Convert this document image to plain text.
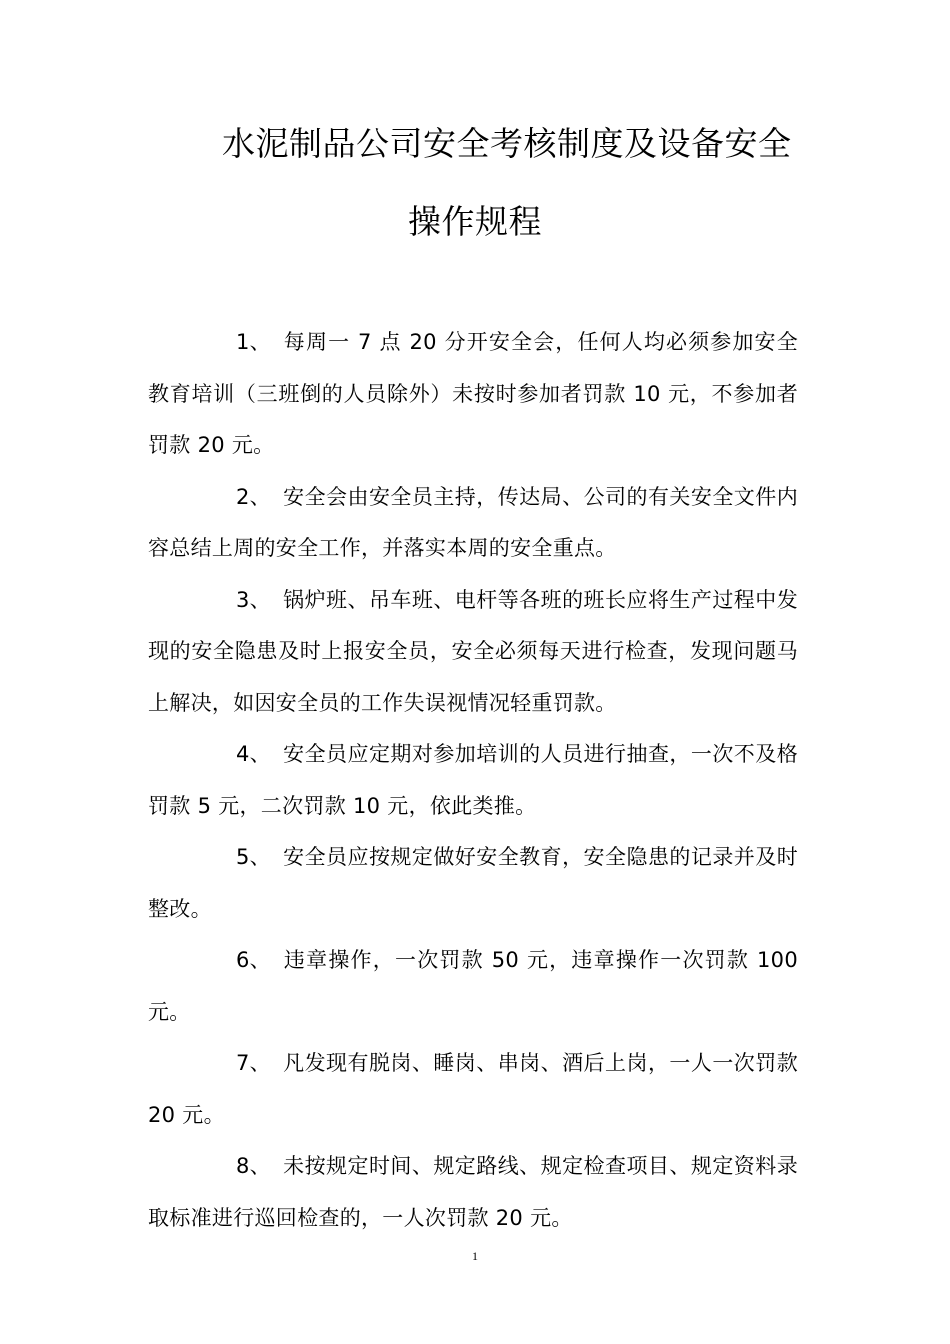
水泥制品公司安全考核制度及设备安全
操作规程

1、 每周一 7 点 20 分开安全会，任何人均必须参加安全教育培训（三班倒的人员除外）未按时参加者罚款 10 元，不参加者罚款 20 元。

2、 安全会由安全员主持，传达局、公司的有关安全文件内容总结上周的安全工作，并落实本周的安全重点。

3、 锅炉班、吊车班、电杆等各班的班长应将生产过程中发现的安全隐患及时上报安全员，安全必须每天进行检查，发现问题马上解决，如因安全员的工作失误视情况轻重罚款。

4、 安全员应定期对参加培训的人员进行抽查，一次不及格罚款 5 元，二次罚款 10 元，依此类推。

5、 安全员应按规定做好安全教育，安全隐患的记录并及时整改。

6、 违章操作，一次罚款 50 元，违章操作一次罚款 100 元。

7、 凡发现有脱岗、睡岗、串岗、酒后上岗，一人一次罚款 20 元。

8、 未按规定时间、规定路线、规定检查项目、规定资料录取标准进行巡回检查的，一人次罚款 20 元。

1
